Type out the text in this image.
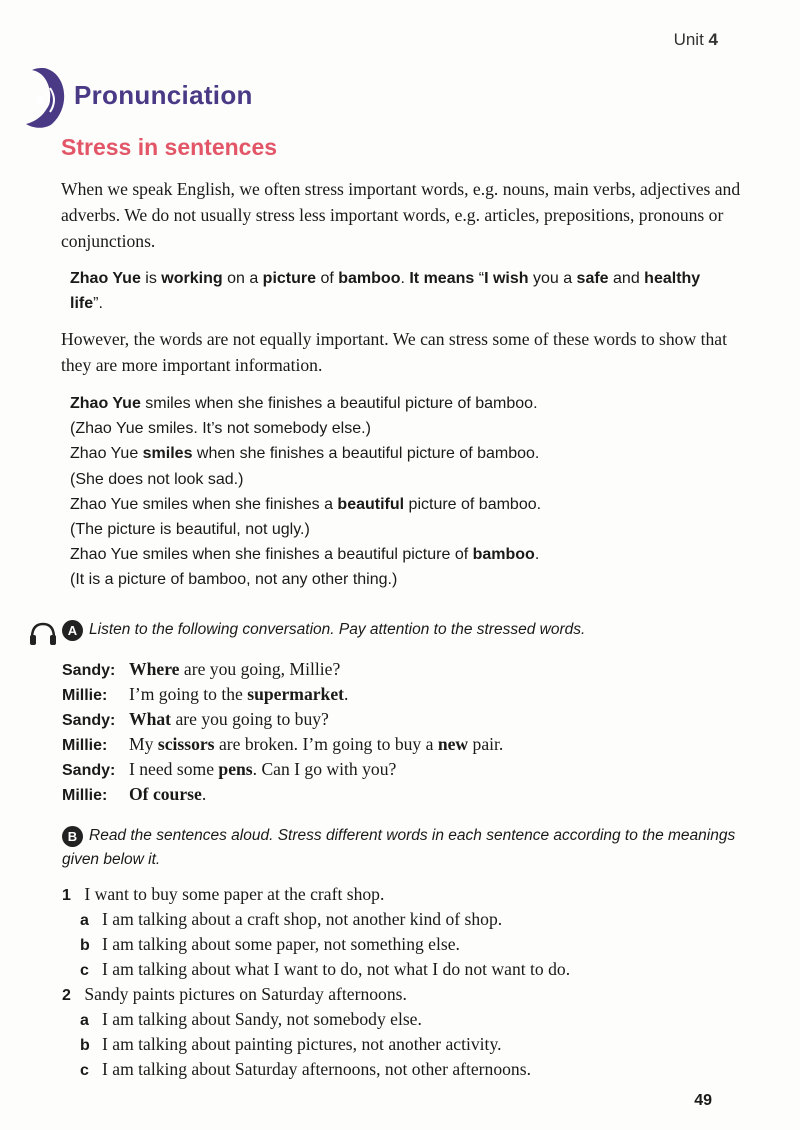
Unit 4
Pronunciation
Stress in sentences
When we speak English, we often stress important words, e.g. nouns, main verbs, adjectives and adverbs. We do not usually stress less important words, e.g. articles, prepositions, pronouns or conjunctions.
Zhao Yue is working on a picture of bamboo. It means “I wish you a safe and healthy life”.
However, the words are not equally important. We can stress some of these words to show that they are more important information.
Zhao Yue smiles when she finishes a beautiful picture of bamboo.
(Zhao Yue smiles. It’s not somebody else.)
Zhao Yue smiles when she finishes a beautiful picture of bamboo.
(She does not look sad.)
Zhao Yue smiles when she finishes a beautiful picture of bamboo.
(The picture is beautiful, not ugly.)
Zhao Yue smiles when she finishes a beautiful picture of bamboo.
(It is a picture of bamboo, not any other thing.)
A Listen to the following conversation. Pay attention to the stressed words.
Sandy: Where are you going, Millie?
Millie: I’m going to the supermarket.
Sandy: What are you going to buy?
Millie: My scissors are broken. I’m going to buy a new pair.
Sandy: I need some pens. Can I go with you?
Millie: Of course.
B Read the sentences aloud. Stress different words in each sentence according to the meanings given below it.
1 I want to buy some paper at the craft shop.
a I am talking about a craft shop, not another kind of shop.
b I am talking about some paper, not something else.
c I am talking about what I want to do, not what I do not want to do.
2 Sandy paints pictures on Saturday afternoons.
a I am talking about Sandy, not somebody else.
b I am talking about painting pictures, not another activity.
c I am talking about Saturday afternoons, not other afternoons.
49
